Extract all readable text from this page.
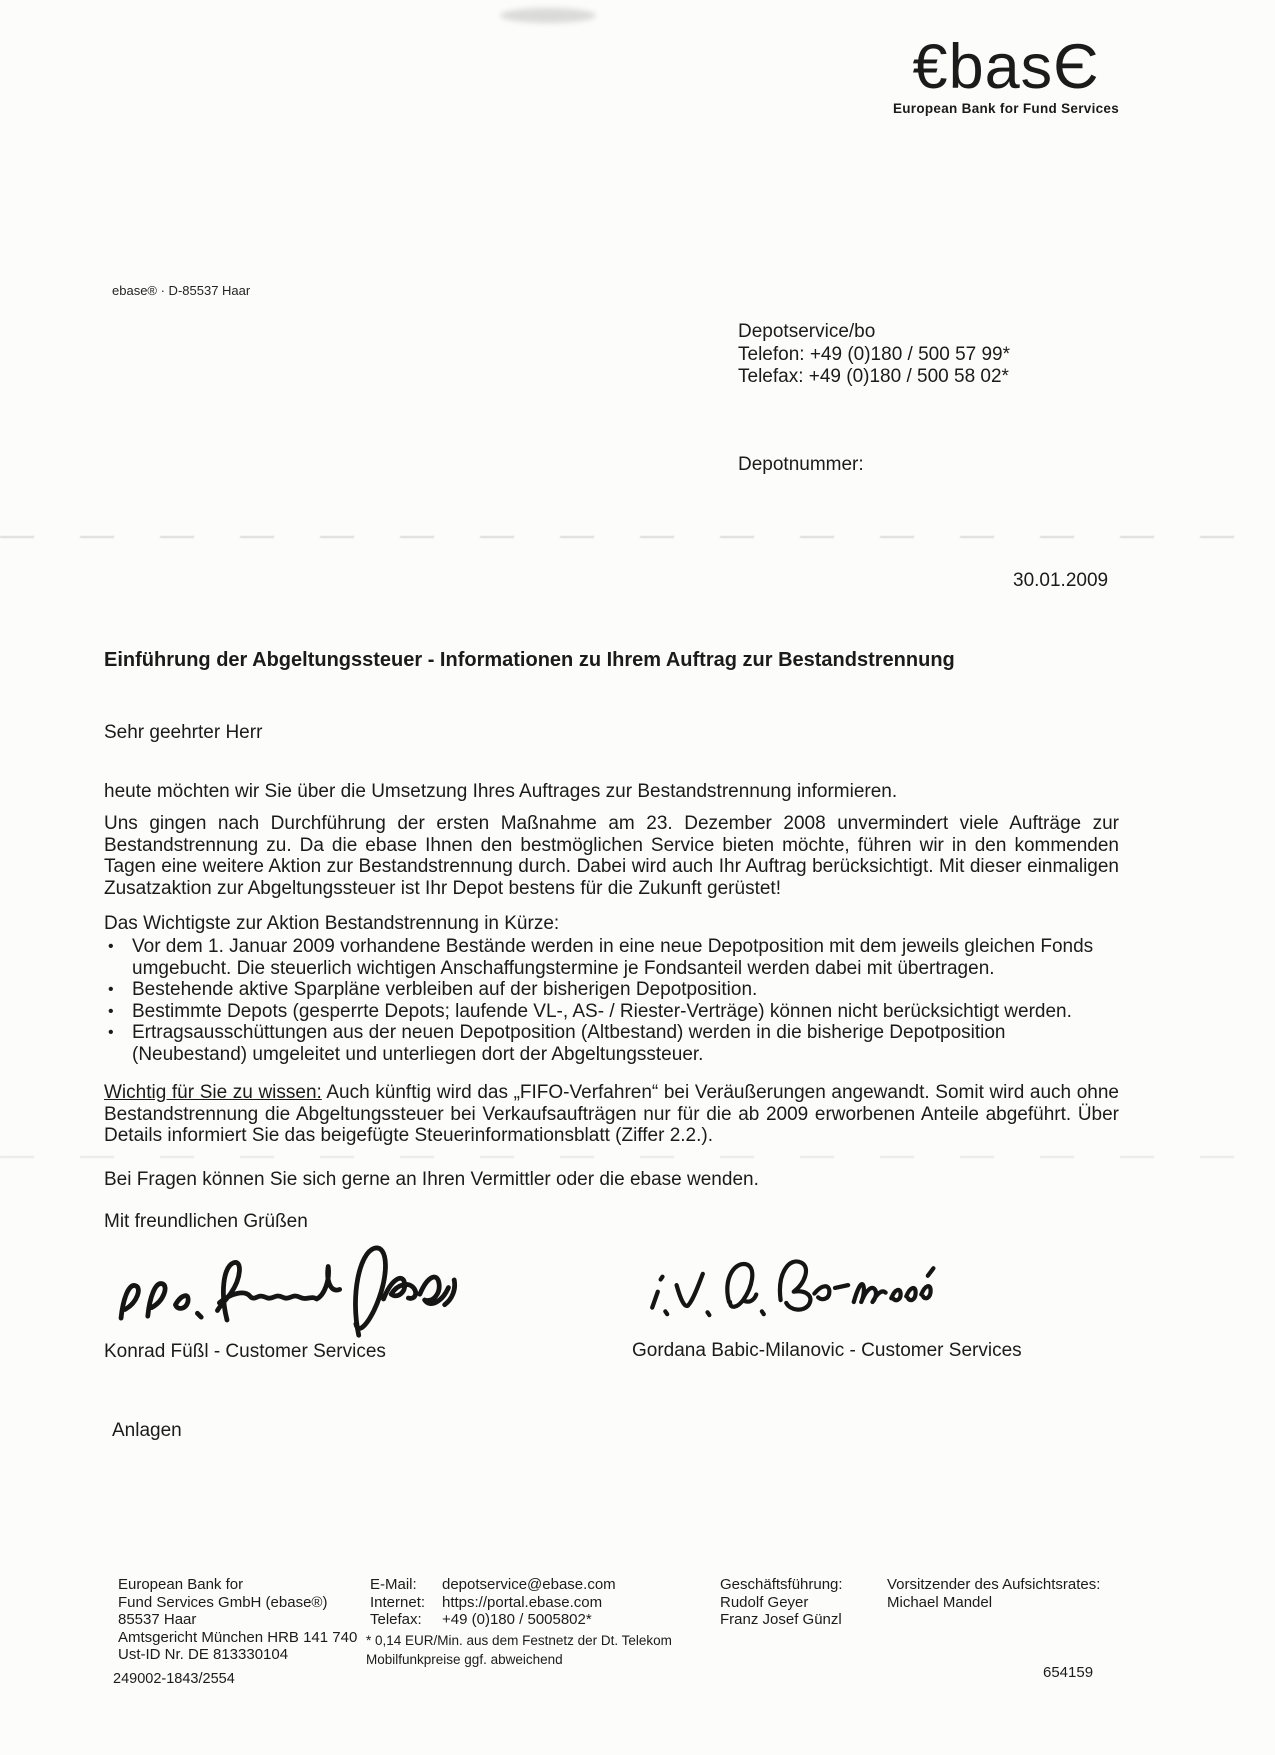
€basЄ
European Bank for Fund Services
ebase® · D-85537 Haar
Depotservice/bo
Telefon: +49 (0)180 / 500 57 99*
Telefax: +49 (0)180 / 500 58 02*
Depotnummer:
30.01.2009
Einführung der Abgeltungssteuer - Informationen zu Ihrem Auftrag zur Bestandstrennung
Sehr geehrter Herr
heute möchten wir Sie über die Umsetzung Ihres Auftrages zur Bestandstrennung informieren.
Uns gingen nach Durchführung der ersten Maßnahme am 23. Dezember 2008 unvermindert viele Aufträge zur Bestandstrennung zu. Da die ebase Ihnen den bestmöglichen Service bieten möchte, führen wir in den kommenden Tagen eine weitere Aktion zur Bestandstrennung durch. Dabei wird auch Ihr Auftrag berücksichtigt. Mit dieser einmaligen Zusatzaktion zur Abgeltungssteuer ist Ihr Depot bestens für die Zukunft gerüstet!
Das Wichtigste zur Aktion Bestandstrennung in Kürze:
• Vor dem 1. Januar 2009 vorhandene Bestände werden in eine neue Depotposition mit dem jeweils gleichen Fonds umgebucht. Die steuerlich wichtigen Anschaffungstermine je Fondsanteil werden dabei mit übertragen.
• Bestehende aktive Sparpläne verbleiben auf der bisherigen Depotposition.
• Bestimmte Depots (gesperrte Depots; laufende VL-, AS- / Riester-Verträge) können nicht berücksichtigt werden.
• Ertragsausschüttungen aus der neuen Depotposition (Altbestand) werden in die bisherige Depotposition (Neubestand) umgeleitet und unterliegen dort der Abgeltungssteuer.
Wichtig für Sie zu wissen: Auch künftig wird das „FIFO-Verfahren“ bei Veräußerungen angewandt. Somit wird auch ohne Bestandstrennung die Abgeltungssteuer bei Verkaufsaufträgen nur für die ab 2009 erworbenen Anteile abgeführt. Über Details informiert Sie das beigefügte Steuerinformationsblatt (Ziffer 2.2.).
Bei Fragen können Sie sich gerne an Ihren Vermittler oder die ebase wenden.
Mit freundlichen Grüßen
Konrad Füßl - Customer Services	Gordana Babic-Milanovic - Customer Services
Anlagen
European Bank for
Fund Services GmbH (ebase®)
85537 Haar
Amtsgericht München HRB 141 740
Ust-ID Nr. DE 813330104
E-Mail: depotservice@ebase.com
Internet: https://portal.ebase.com
Telefax: +49 (0)180 / 5005802*
Geschäftsführung:
Rudolf Geyer
Franz Josef Günzl
Vorsitzender des Aufsichtsrates:
Michael Mandel
* 0,14 EUR/Min. aus dem Festnetz der Dt. Telekom
Mobilfunkpreise ggf. abweichend
249002-1843/2554	654159
